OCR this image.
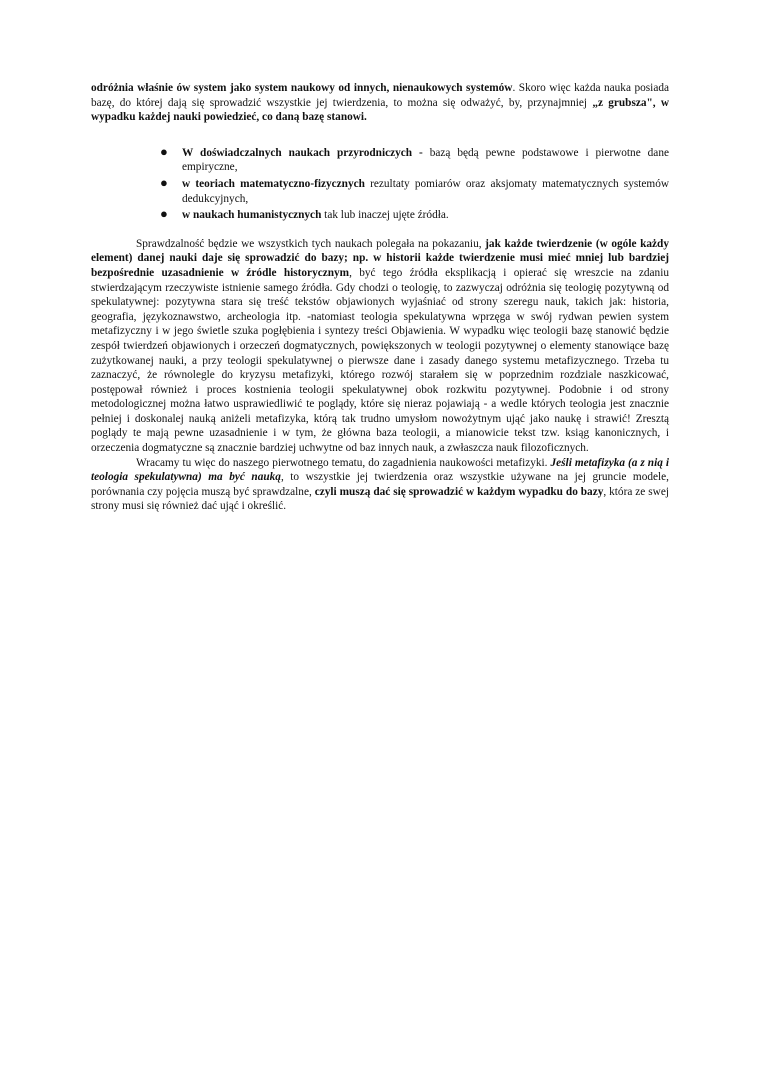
odróżnia właśnie ów system jako system naukowy od innych, nienaukowych systemów. Skoro więc każda nauka posiada bazę, do której dają się sprowadzić wszystkie jej twierdzenia, to można się odważyć, by, przynajmniej „z grubsza", w wypadku każdej nauki powiedzieć, co daną bazę stanowi.

● W doświadczalnych naukach przyrodniczych - bazą będą pewne podstawowe i pierwotne dane empiryczne,
● w teoriach matematyczno-fizycznych rezultaty pomiarów oraz aksjomaty matematycznych systemów dedukcyjnych,
● w naukach humanistycznych tak lub inaczej ujęte źródła.

Sprawdzalność będzie we wszystkich tych naukach polegała na pokazaniu, jak każde twierdzenie (w ogóle każdy element) danej nauki daje się sprowadzić do bazy; np. w historii każde twierdzenie musi mieć mniej lub bardziej bezpośrednie uzasadnienie w źródle historycznym, być tego źródła eksplikacją i opierać się wreszcie na zdaniu stwierdzającym rzeczywiste istnienie samego źródła. Gdy chodzi o teologię, to zazwyczaj odróżnia się teologię pozytywną od spekulatywnej: pozytywna stara się treść tekstów objawionych wyjaśniać od strony szeregu nauk, takich jak: historia, geografia, językoznawstwo, archeologia itp. -natomiast teologia spekulatywna wprzęga w swój rydwan pewien system metafizyczny i w jego świetle szuka pogłębienia i syntezy treści Objawienia. W wypadku więc teologii bazę stanowić będzie zespół twierdzeń objawionych i orzeczeń dogmatycznych, powiększonych w teologii pozytywnej o elementy stanowiące bazę zużytkowanej nauki, a przy teologii spekulatywnej o pierwsze dane i zasady danego systemu metafizycznego. Trzeba tu zaznaczyć, że równolegle do kryzysu metafizyki, którego rozwój starałem się w poprzednim rozdziale naszkicować, postępował również i proces kostnienia teologii spekulatywnej obok rozkwitu pozytywnej. Podobnie i od strony metodologicznej można łatwo usprawiedliwić te poglądy, które się nieraz pojawiają - a wedle których teologia jest znacznie pełniej i doskonalej nauką aniżeli metafizyka, którą tak trudno umysłom nowożytnym ująć jako naukę i strawić! Zresztą poglądy te mają pewne uzasadnienie i w tym, że główna baza teologii, a mianowicie tekst tzw. ksiąg kanonicznych, i orzeczenia dogmatyczne są znacznie bardziej uchwytne od baz innych nauk, a zwłaszcza nauk filozoficznych.

Wracamy tu więc do naszego pierwotnego tematu, do zagadnienia naukowości metafizyki. Jeśli metafizyka (a z nią i teologia spekulatywna) ma być nauką, to wszystkie jej twierdzenia oraz wszystkie używane na jej gruncie modele, porównania czy pojęcia muszą być sprawdzalne, czyli muszą dać się sprowadzić w każdym wypadku do bazy, która ze swej strony musi się również dać ująć i określić.
